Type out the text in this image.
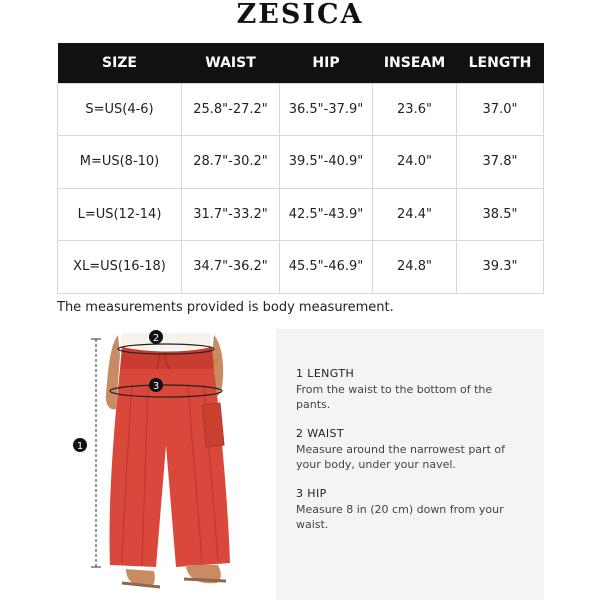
ZESICA
SIZE	WAIST	HIP	INSEAM	LENGTH
S=US(4-6)	25.8"-27.2"	36.5"-37.9"	23.6"	37.0"
M=US(8-10)	28.7"-30.2"	39.5"-40.9"	24.0"	37.8"
L=US(12-14)	31.7"-33.2"	42.5"-43.9"	24.4"	38.5"
XL=US(16-18)	34.7"-36.2"	45.5"-46.9"	24.8"	39.3"
The measurements provided is body measurement.
1
2
3
1 LENGTH
From the waist to the bottom of the pants.
2 WAIST
Measure around the narrowest part of your body, under your navel.
3 HIP
Measure 8 in (20 cm) down from your waist.
